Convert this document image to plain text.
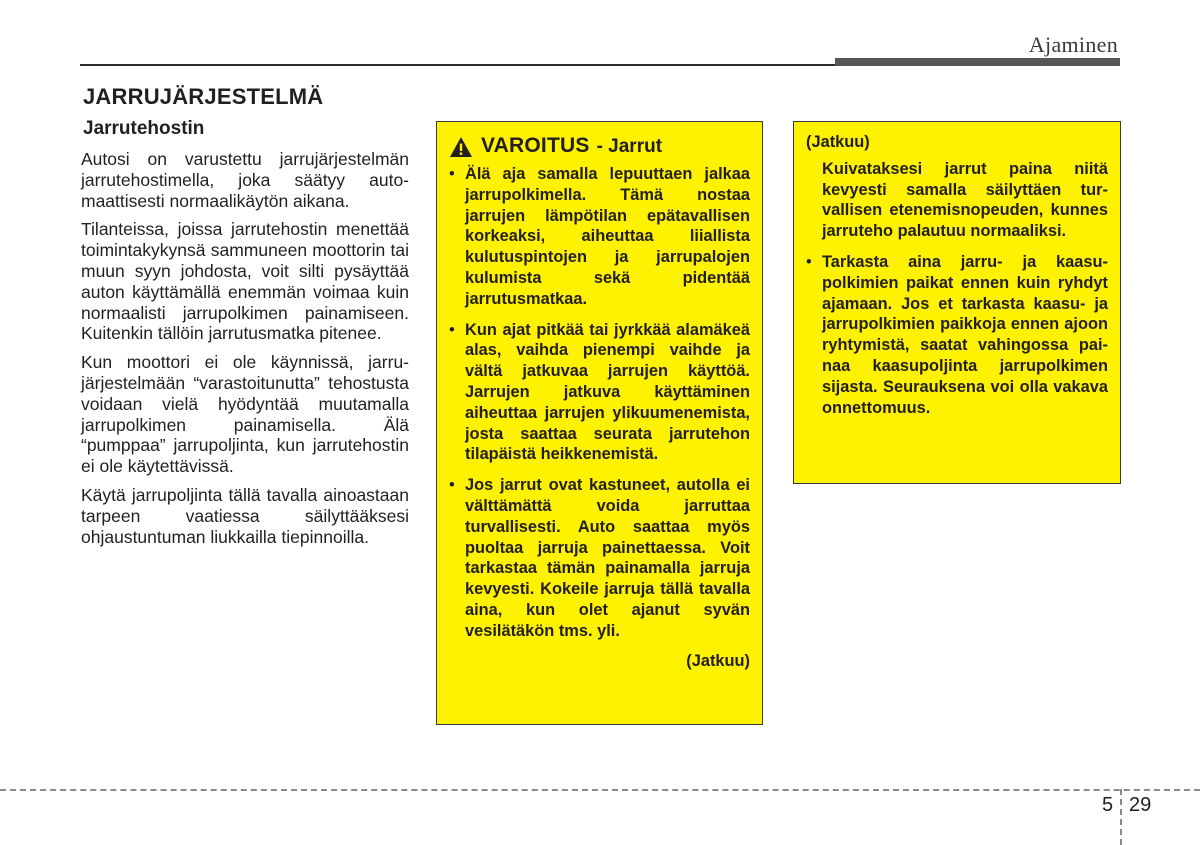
Ajaminen
JARRUJÄRJESTELMÄ
Jarrutehostin

Autosi on varustettu jarrujärjestelmän jarrutehostimella, joka säätyy automaattisesti normaalikäytön aikana.

Tilanteissa, joissa jarrutehostin menettää toimintakykynsä sammuneen moottorin tai muun syyn johdosta, voit silti pysäyttää auton käyttämällä enemmän voimaa kuin normaalisti jarrupolkimen painamiseen. Kuitenkin tällöin jarrutusmatka pitenee.

Kun moottori ei ole käynnissä, jarrujärjestelmään “varastoitunutta” tehostusta voidaan vielä hyödyntää muutamalla jarrupolkimen painamisella. Älä “pumppaa” jarrupoljinta, kun jarrutehostin ei ole käytettävissä.

Käytä jarrupoljinta tällä tavalla ainoastaan tarpeen vaatiessa säilyttääksesi ohjaustuntuman liukkailla tiepinnoilla.

VAROITUS - Jarrut
• Älä aja samalla lepuuttaen jalkaa jarrupolkimella. Tämä nostaa jarrujen lämpötilan epätavallisen korkeaksi, aiheuttaa liiallista kulutuspintojen ja jarrupalojen kulumista sekä pidentää jarrutusmatkaa.
• Kun ajat pitkää tai jyrkkää alamäkeä alas, vaihda pienempi vaihde ja vältä jatkuvaa jarrujen käyttöä. Jarrujen jatkuva käyttäminen aiheuttaa jarrujen ylikuumenemista, josta saattaa seurata jarrutehon tilapäistä heikkenemistä.
• Jos jarrut ovat kastuneet, autolla ei välttämättä voida jarruttaa turvallisesti. Auto saattaa myös puoltaa jarruja painettaessa. Voit tarkastaa tämän painamalla jarruja kevyesti. Kokeile jarruja tällä tavalla aina, kun olet ajanut syvän vesilätäkön tms. yli.
(Jatkuu)
(Jatkuu)
Kuivataksesi jarrut paina niitä kevyesti samalla säilyttäen turvallisen etenemisnopeuden, kunnes jarruteho palautuu normaaliksi.
• Tarkasta aina jarru- ja kaasupolkimien paikat ennen kuin ryhdyt ajamaan. Jos et tarkasta kaasu- ja jarrupolkimien paikkoja ennen ajoon ryhtymistä, saatat vahingossa painaa kaasupoljinta jarrupolkimen sijasta. Seurauksena voi olla vakava onnettomuus.
5 29
